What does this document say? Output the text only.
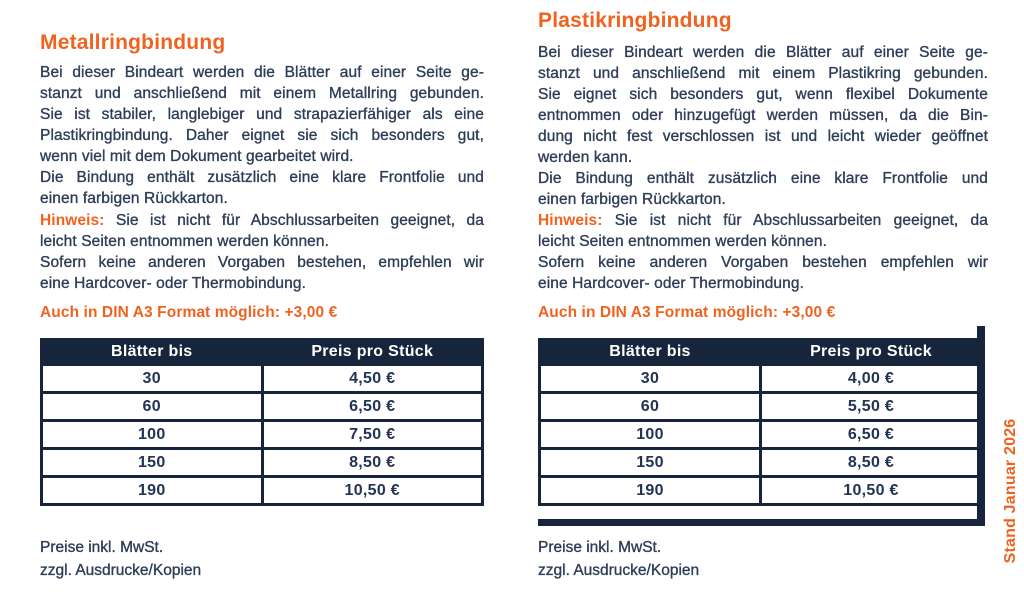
Metallringbindung
Bei dieser Bindeart werden die Blätter auf einer Seite ge-
stanzt und anschließend mit einem Metallring gebunden.
Sie ist stabiler, langlebiger und strapazierfähiger als eine
Plastikringbindung. Daher eignet sie sich besonders gut,
wenn viel mit dem Dokument gearbeitet wird.
Die Bindung enthält zusätzlich eine klare Frontfolie und
einen farbigen Rückkarton.
Hinweis: Sie ist nicht für Abschlussarbeiten geeignet, da
leicht Seiten entnommen werden können.
Sofern keine anderen Vorgaben bestehen, empfehlen wir
eine Hardcover- oder Thermobindung.
Auch in DIN A3 Format möglich: +3,00 €
Blätter bis	Preis pro Stück
30	4,50 €
60	6,50 €
100	7,50 €
150	8,50 €
190	10,50 €
Preise inkl. MwSt.
zzgl. Ausdrucke/Kopien
Plastikringbindung
Bei dieser Bindeart werden die Blätter auf einer Seite ge-
stanzt und anschließend mit einem Plastikring gebunden.
Sie eignet sich besonders gut, wenn flexibel Dokumente
entnommen oder hinzugefügt werden müssen, da die Bin-
dung nicht fest verschlossen ist und leicht wieder geöffnet
werden kann.
Die Bindung enthält zusätzlich eine klare Frontfolie und
einen farbigen Rückkarton.
Hinweis: Sie ist nicht für Abschlussarbeiten geeignet, da
leicht Seiten entnommen werden können.
Sofern keine anderen Vorgaben bestehen empfehlen wir
eine Hardcover- oder Thermobindung.
Auch in DIN A3 Format möglich: +3,00 €
Blätter bis	Preis pro Stück
30	4,00 €
60	5,50 €
100	6,50 €
150	8,50 €
190	10,50 €
Preise inkl. MwSt.
zzgl. Ausdrucke/Kopien
Stand Januar 2026
